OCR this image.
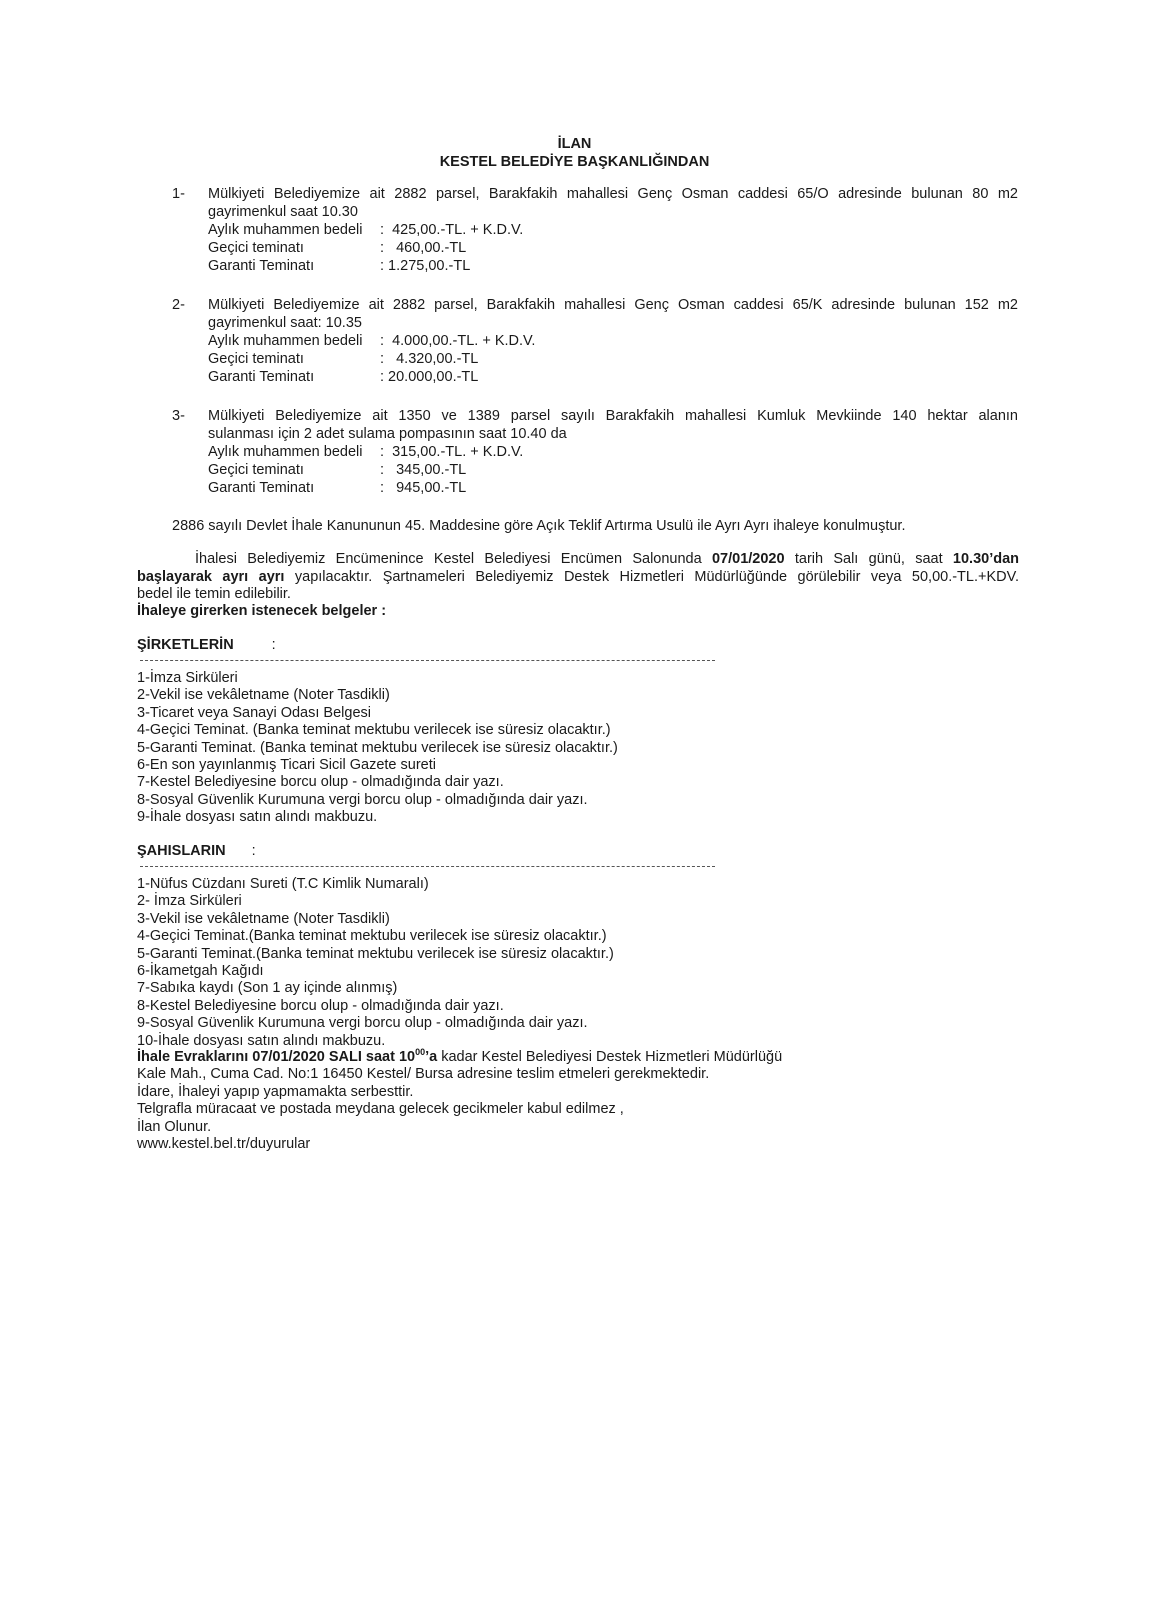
İLAN
KESTEL BELEDİYE BAŞKANLIĞINDAN
1- Mülkiyeti Belediyemize ait 2882 parsel, Barakfakih mahallesi Genç Osman caddesi 65/O adresinde bulunan 80 m2
gayrimenkul saat 10.30
Aylık muhammen bedeli	:  425,00.-TL. + K.D.V.
Geçici teminatı	:   460,00.-TL
Garanti Teminatı	: 1.275,00.-TL
2- Mülkiyeti Belediyemize ait 2882 parsel, Barakfakih mahallesi Genç Osman caddesi 65/K adresinde bulunan 152 m2
gayrimenkul saat: 10.35
Aylık muhammen bedeli	:  4.000,00.-TL. + K.D.V.
Geçici teminatı	:   4.320,00.-TL
Garanti Teminatı	: 20.000,00.-TL
3- Mülkiyeti Belediyemize ait 1350 ve 1389 parsel sayılı Barakfakih mahallesi Kumluk Mevkiinde 140 hektar alanın
sulanması için 2 adet sulama pompasının saat 10.40 da
Aylık muhammen bedeli	:  315,00.-TL. + K.D.V.
Geçici teminatı	:   345,00.-TL
Garanti Teminatı	:   945,00.-TL
2886 sayılı Devlet İhale Kanununun 45. Maddesine göre Açık Teklif Artırma Usulü ile Ayrı Ayrı ihaleye konulmuştur.
İhalesi Belediyemiz Encümenince Kestel Belediyesi Encümen Salonunda 07/01/2020 tarih Salı günü, saat 10.30’dan
başlayarak ayrı ayrı yapılacaktır. Şartnameleri Belediyemiz Destek Hizmetleri Müdürlüğünde görülebilir veya 50,00.-TL.+KDV.
bedel ile temin edilebilir.
İhaleye girerken istenecek belgeler :
ŞİRKETLERİN	:
1-İmza Sirküleri
2-Vekil ise vekâletname (Noter Tasdikli)
3-Ticaret veya Sanayi Odası Belgesi
4-Geçici Teminat. (Banka teminat mektubu verilecek ise süresiz olacaktır.)
5-Garanti Teminat. (Banka teminat mektubu verilecek ise süresiz olacaktır.)
6-En son yayınlanmış Ticari Sicil Gazete sureti
7-Kestel Belediyesine borcu olup - olmadığında dair yazı.
8-Sosyal Güvenlik Kurumuna vergi borcu olup - olmadığında dair yazı.
9-İhale dosyası satın alındı makbuzu.
ŞAHISLARIN :
1-Nüfus Cüzdanı Sureti (T.C Kimlik Numaralı)
2- İmza Sirküleri
3-Vekil ise vekâletname (Noter Tasdikli)
4-Geçici Teminat.(Banka teminat mektubu verilecek ise süresiz olacaktır.)
5-Garanti Teminat.(Banka teminat mektubu verilecek ise süresiz olacaktır.)
6-İkametgah Kağıdı
7-Sabıka kaydı (Son 1 ay içinde alınmış)
8-Kestel Belediyesine borcu olup - olmadığında dair yazı.
9-Sosyal Güvenlik Kurumuna vergi borcu olup - olmadığında dair yazı.
10-İhale dosyası satın alındı makbuzu.
İhale Evraklarını 07/01/2020 SALI saat $10^{00}’a$ kadar Kestel Belediyesi Destek Hizmetleri Müdürlüğü
Kale Mah., Cuma Cad. No:1 16450 Kestel/ Bursa adresine teslim etmeleri gerekmektedir.
İdare, İhaleyi yapıp yapmamakta serbesttir.
Telgrafla müracaat ve postada meydana gelecek gecikmeler kabul edilmez ,
İlan Olunur.
www.kestel.bel.tr/duyurular
